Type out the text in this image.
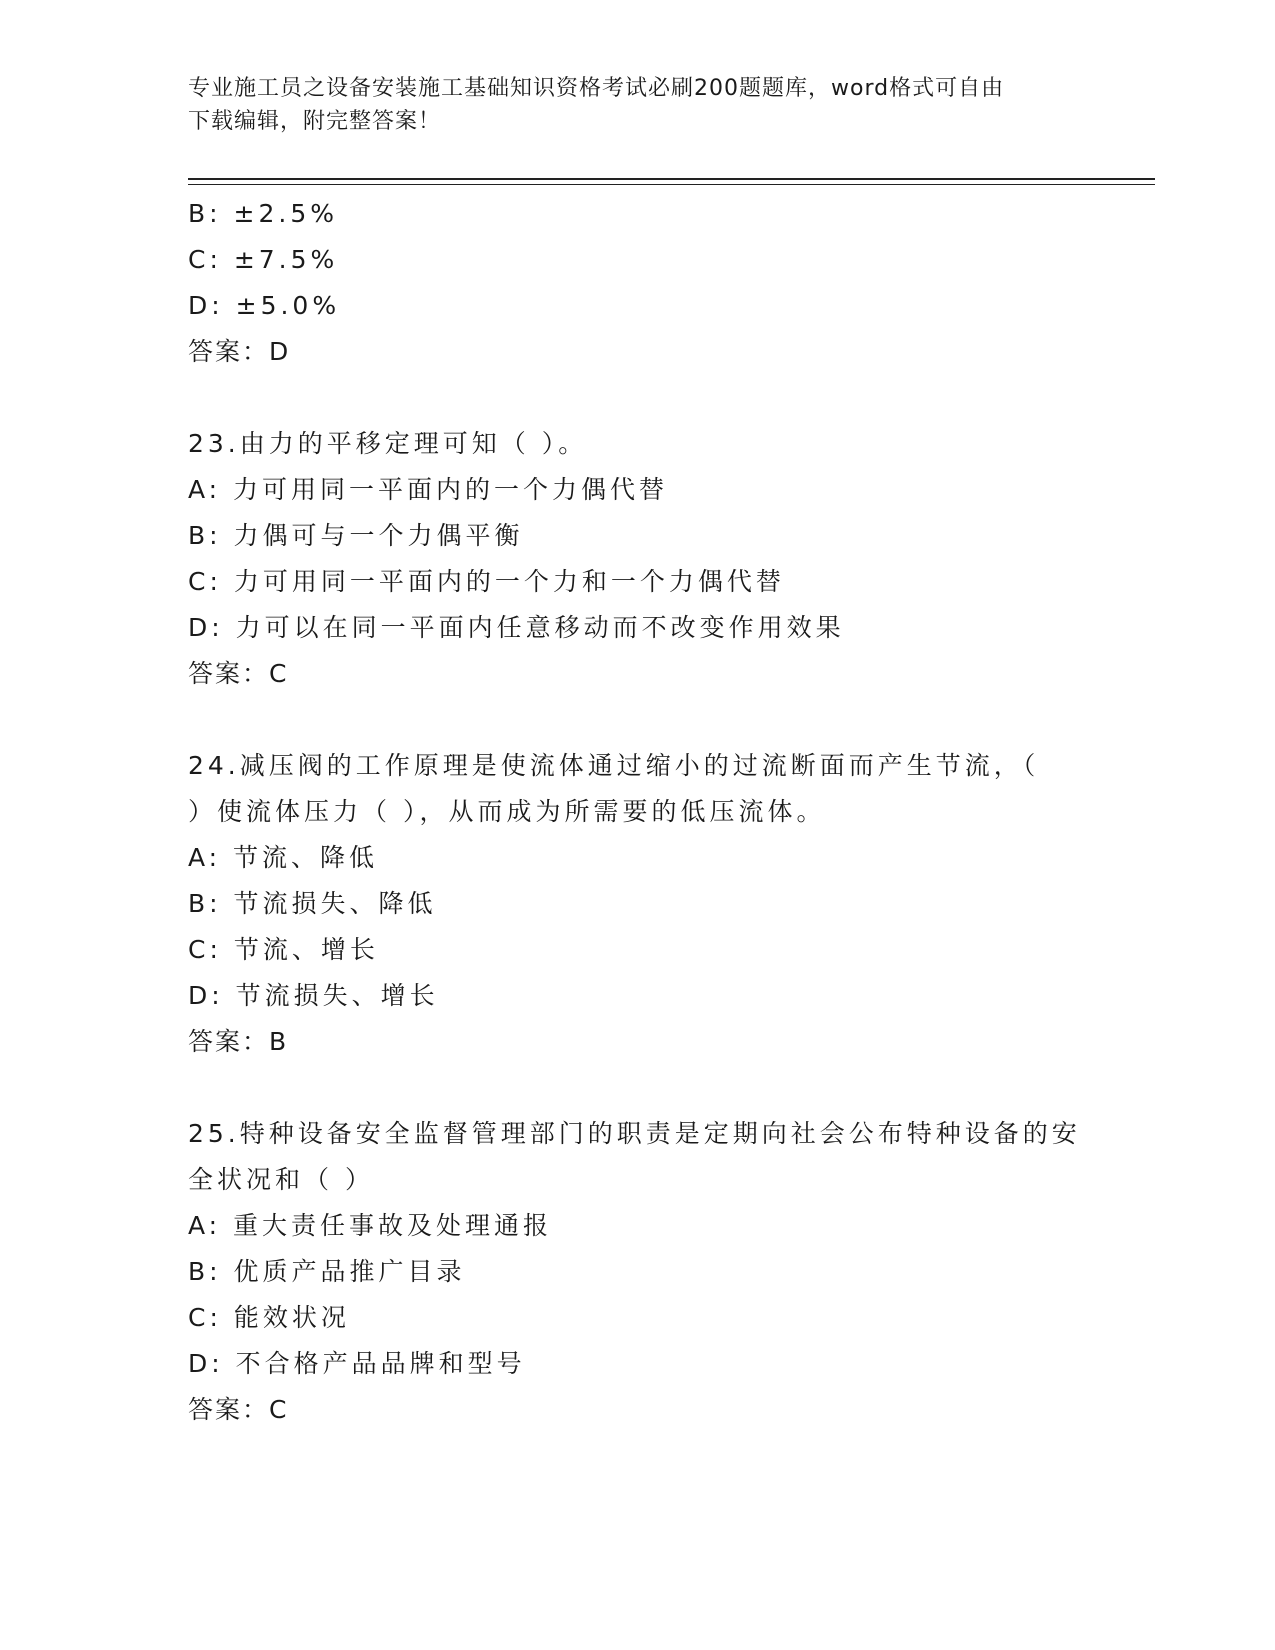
专业施工员之设备安装施工基础知识资格考试必刷200题题库，word格式可自由
下载编辑，附完整答案！
B: ±2.5%
C: ±7.5%
D: ±5.0%
答案：D
23.由力的平移定理可知（ ）。
A: 力可用同一平面内的一个力偶代替
B: 力偶可与一个力偶平衡
C: 力可用同一平面内的一个力和一个力偶代替
D: 力可以在同一平面内任意移动而不改变作用效果
答案：C
24.减压阀的工作原理是使流体通过缩小的过流断面而产生节流，（
）使流体压力（ ），从而成为所需要的低压流体。
A: 节流、降低
B: 节流损失、降低
C: 节流、增长
D: 节流损失、增长
答案：B
25.特种设备安全监督管理部门的职责是定期向社会公布特种设备的安
全状况和（ ）
A: 重大责任事故及处理通报
B: 优质产品推广目录
C: 能效状况
D: 不合格产品品牌和型号
答案：C
